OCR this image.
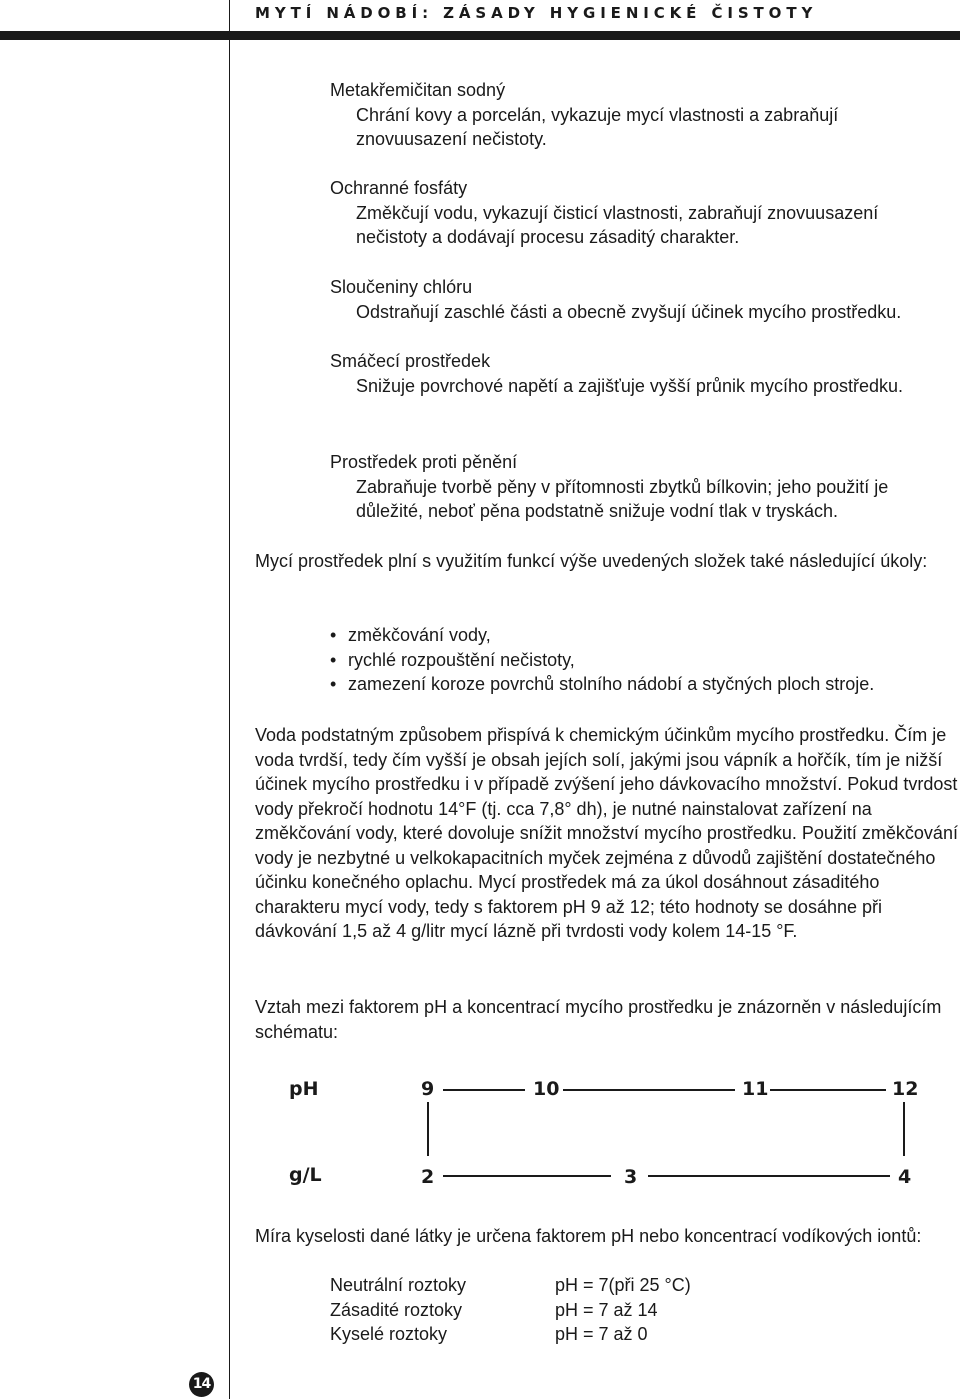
MYTÍ NÁDOBÍ: ZÁSADY HYGIENICKÉ ČISTOTY
Metakřemičitan sodný
Chrání kovy a porcelán, vykazuje mycí vlastnosti a zabraňují znovuusazení nečistoty.
Ochranné fosfáty
Změkčují vodu, vykazují čisticí vlastnosti, zabraňují znovuusazení nečistoty a dodávají procesu zásaditý charakter.
Sloučeniny chlóru
Odstraňují zaschlé části a obecně zvyšují účinek mycího prostředku.
Smáčecí prostředek
Snižuje povrchové napětí a zajišťuje vyšší průnik mycího prostředku.
Prostředek proti pěnění
Zabraňuje tvorbě pěny v přítomnosti zbytků bílkovin; jeho použití je důležité, neboť pěna podstatně snižuje vodní tlak v tryskách.
Mycí prostředek plní s využitím funkcí výše uvedených složek také následující úkoly:
• změkčování vody,
• rychlé rozpouštění nečistoty,
• zamezení koroze povrchů stolního nádobí a styčných ploch stroje.
Voda podstatným způsobem přispívá k chemickým účinkům mycího prostředku. Čím je voda tvrdší, tedy čím vyšší je obsah jejích solí, jakými jsou vápník a hořčík, tím je nižší účinek mycího prostředku i v případě zvýšení jeho dávkovacího množství. Pokud tvrdost vody překročí hodnotu 14°F (tj. cca 7,8° dh), je nutné nainstalovat zařízení na změkčování vody, které dovoluje snížit množství mycího prostředku. Použití změkčování vody je nezbytné u velkokapacitních myček zejména z důvodů zajištění dostatečného účinku konečného oplachu. Mycí prostředek má za úkol dosáhnout zásaditého charakteru mycí vody, tedy s faktorem pH 9 až 12; této hodnoty se dosáhne při dávkování 1,5 až 4 g/litr mycí lázně při tvrdosti vody kolem 14-15 °F.
Vztah mezi faktorem pH a koncentrací mycího prostředku je znázorněn v následujícím schématu:
pH
g/L
9	10	11	12
2	3	4
Míra kyselosti dané látky je určena faktorem pH nebo koncentrací vodíkových iontů:
Neutrální roztoky	pH = 7(při 25 °C)
Zásadité roztoky	pH = 7 až 14
Kyselé roztoky	pH = 7 až 0
14
